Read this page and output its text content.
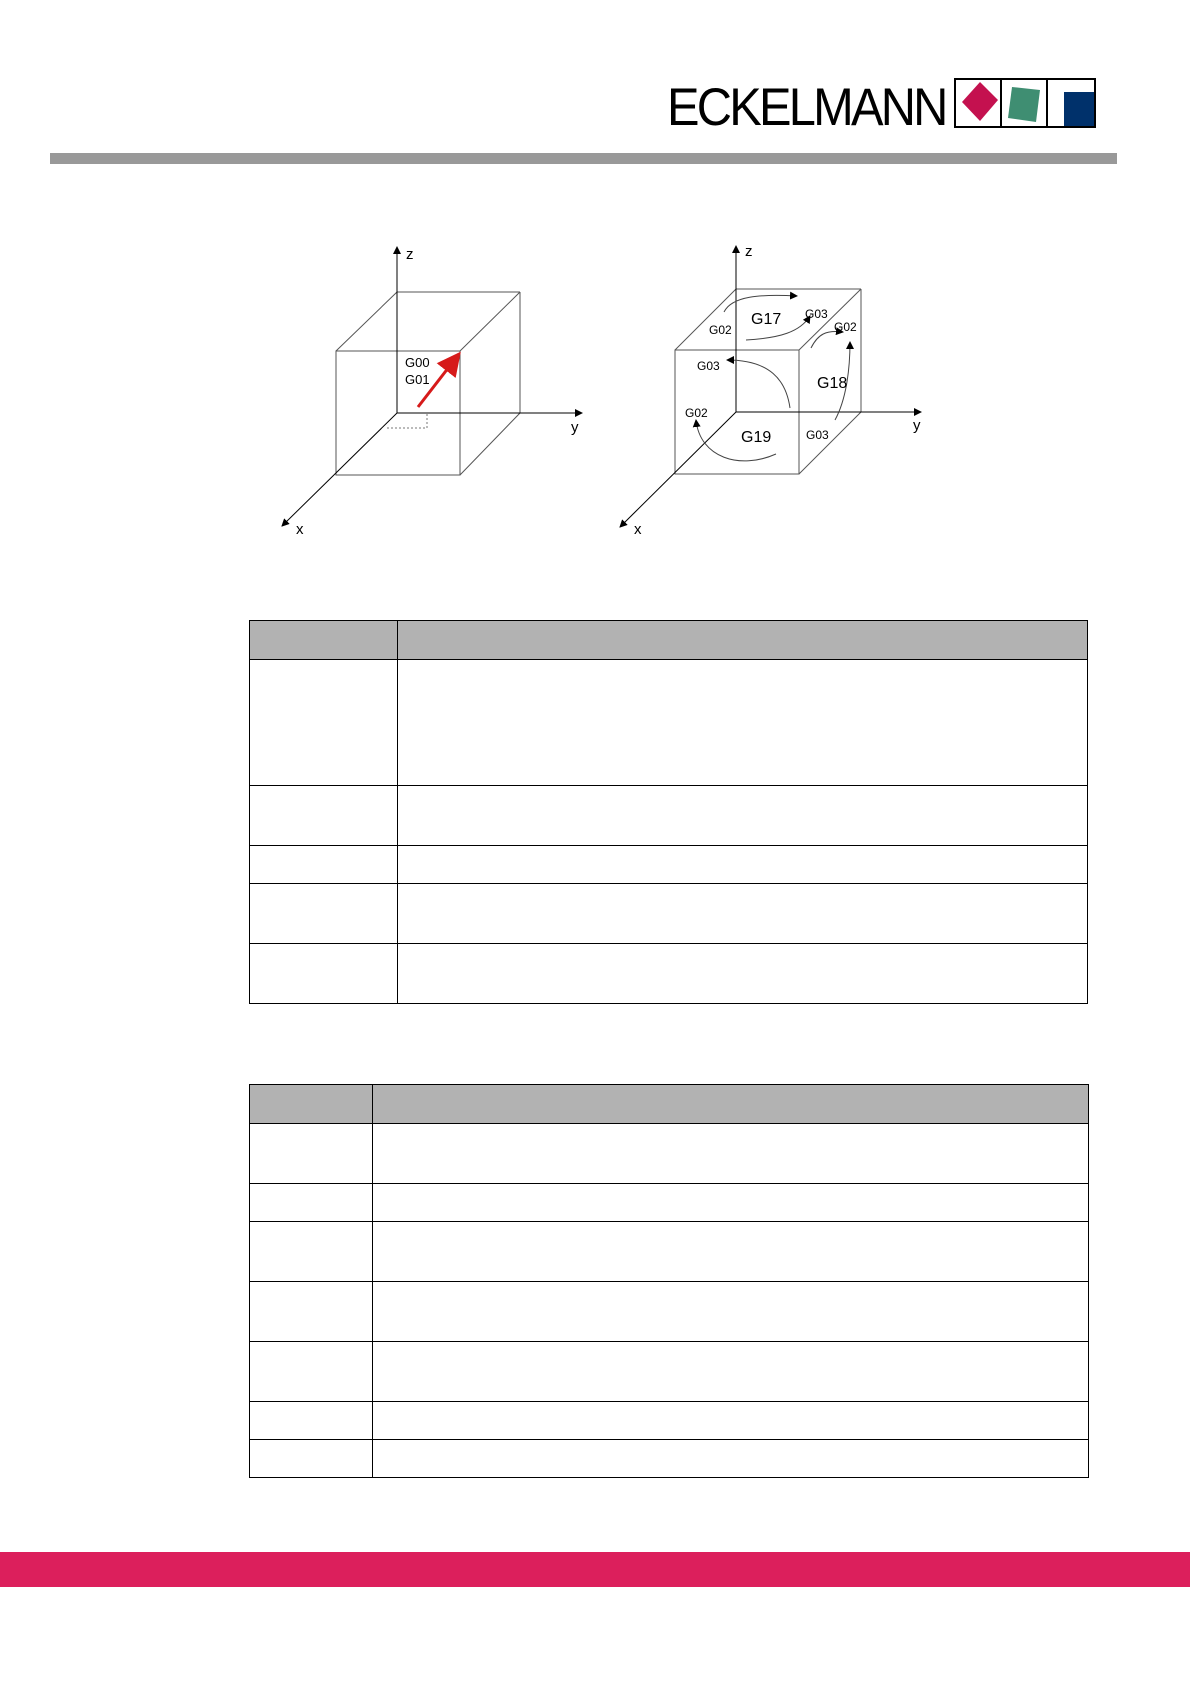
ECKELMANN
z
y
x
G00
G01
z
y
x
G17
G18
G19
G02
G03
G02
G03
G02
G03
